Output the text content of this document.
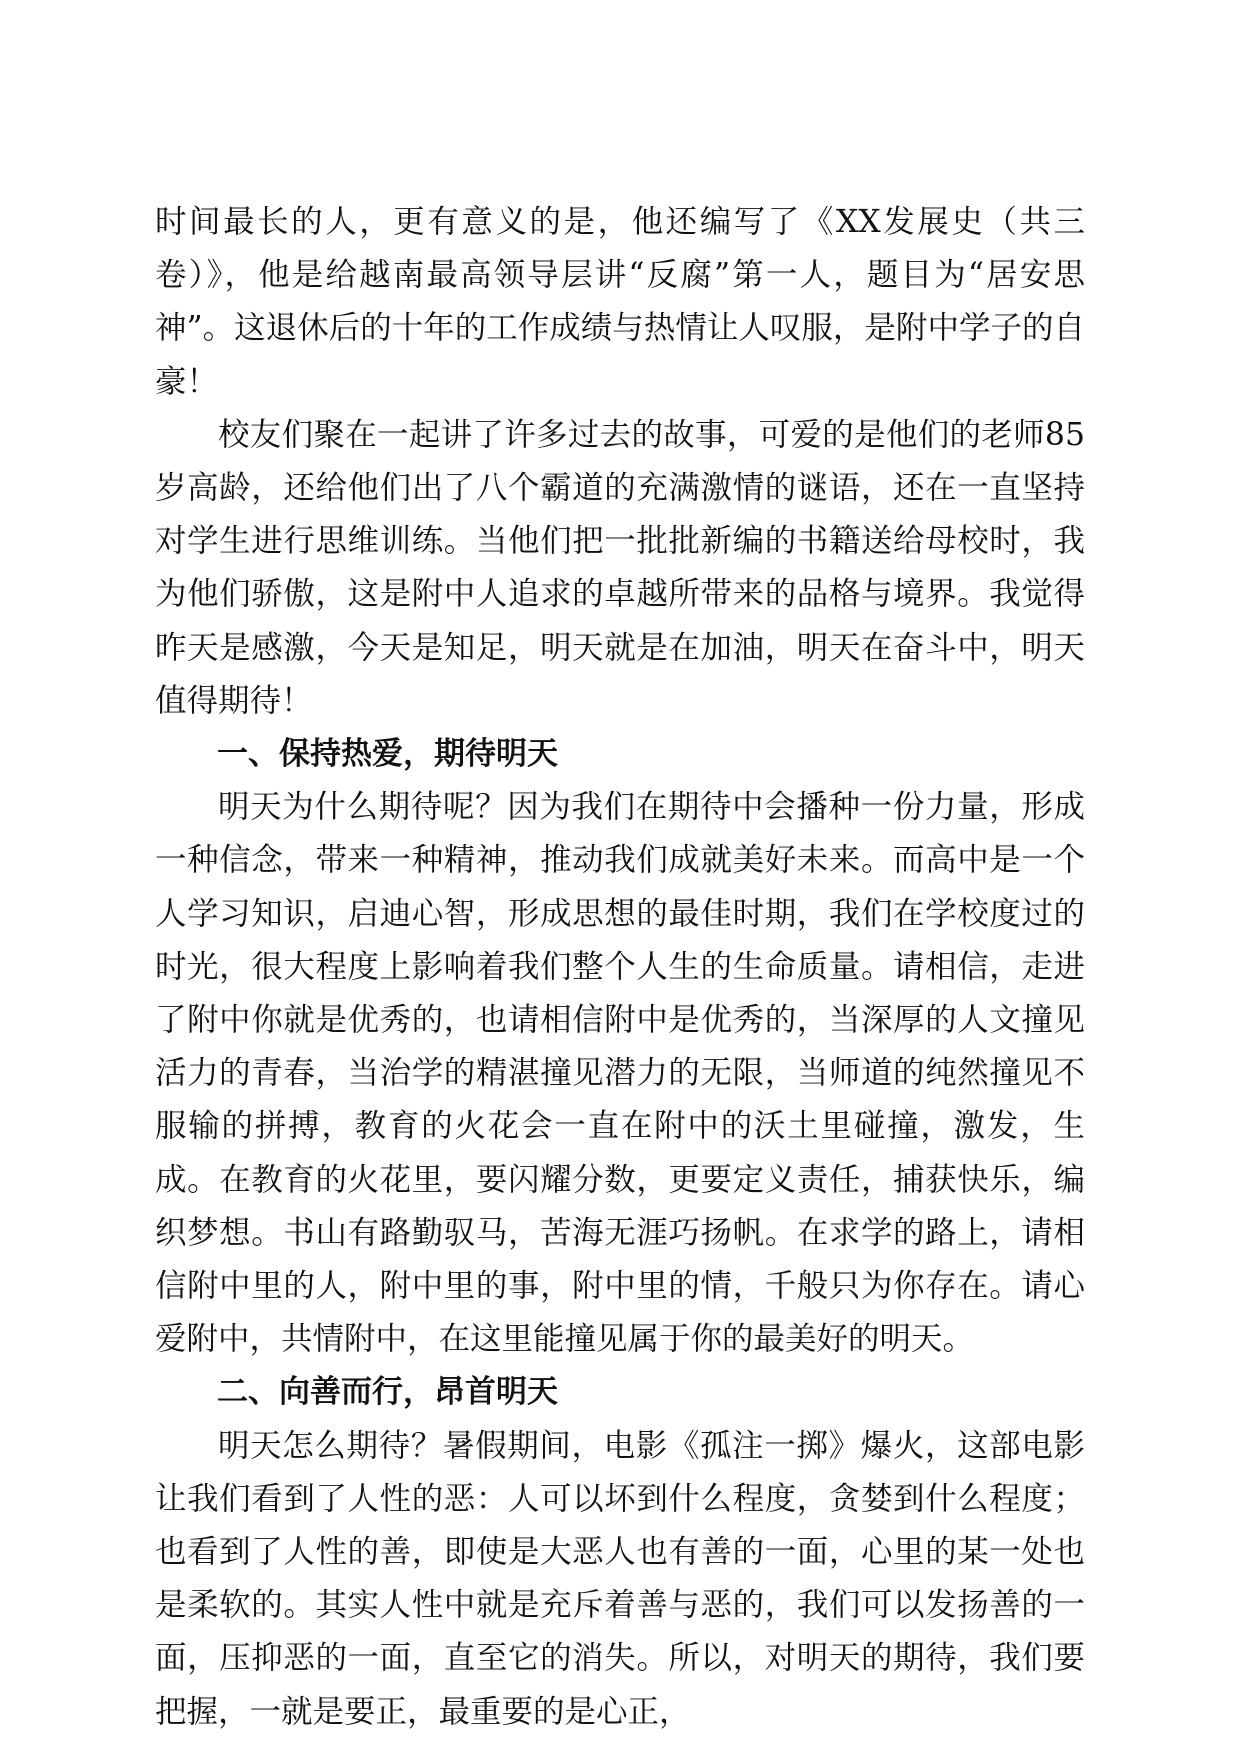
时间最长的人，更有意义的是，他还编写了《XX发展史（共三卷）》，他是给越南最高领导层讲“反腐”第一人，题目为“居安思神”。这退休后的十年的工作成绩与热情让人叹服，是附中学子的自豪！

校友们聚在一起讲了许多过去的故事，可爱的是他们的老师85岁高龄，还给他们出了八个霸道的充满激情的谜语，还在一直坚持对学生进行思维训练。当他们把一批批新编的书籍送给母校时，我为他们骄傲，这是附中人追求的卓越所带来的品格与境界。我觉得昨天是感激，今天是知足，明天就是在加油，明天在奋斗中，明天值得期待！

一、保持热爱，期待明天

明天为什么期待呢？因为我们在期待中会播种一份力量，形成一种信念，带来一种精神，推动我们成就美好未来。而高中是一个人学习知识，启迪心智，形成思想的最佳时期，我们在学校度过的时光，很大程度上影响着我们整个人生的生命质量。请相信，走进了附中你就是优秀的，也请相信附中是优秀的，当深厚的人文撞见活力的青春，当治学的精湛撞见潜力的无限，当师道的纯然撞见不服输的拼搏，教育的火花会一直在附中的沃土里碰撞，激发，生成。在教育的火花里，要闪耀分数，更要定义责任，捕获快乐，编织梦想。书山有路勤驭马，苦海无涯巧扬帆。在求学的路上，请相信附中里的人，附中里的事，附中里的情，千般只为你存在。请心爱附中，共情附中，在这里能撞见属于你的最美好的明天。

二、向善而行，昂首明天

明天怎么期待？暑假期间，电影《孤注一掷》爆火，这部电影让我们看到了人性的恶：人可以坏到什么程度，贪婪到什么程度；也看到了人性的善，即使是大恶人也有善的一面，心里的某一处也是柔软的。其实人性中就是充斥着善与恶的，我们可以发扬善的一面，压抑恶的一面，直至它的消失。所以，对明天的期待，我们要把握，一就是要正，最重要的是心正，
